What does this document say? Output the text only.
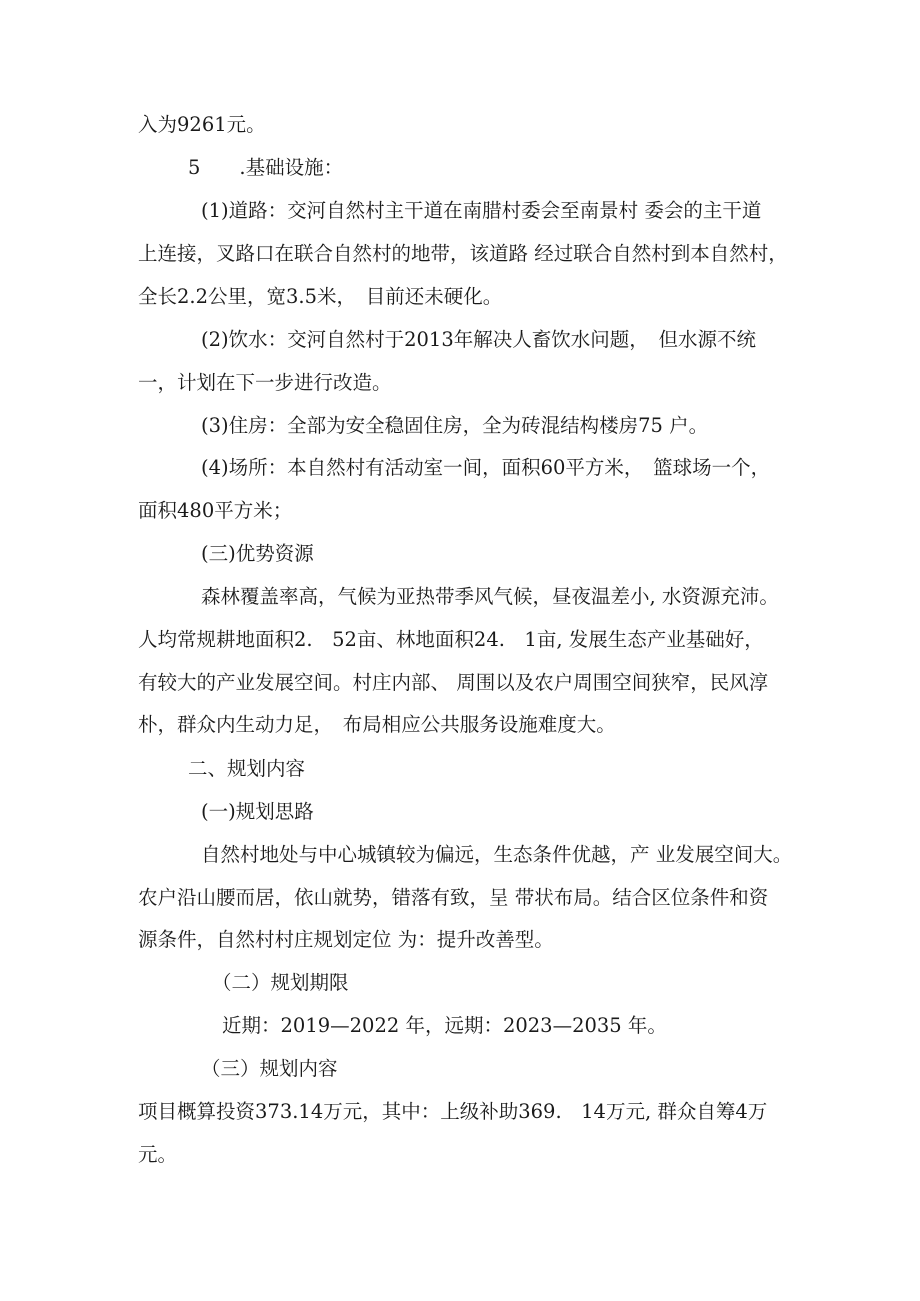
入为9261元。
5　　.基础设施：
(1)道路：交河自然村主干道在南腊村委会至南景村 委会的主干道
上连接，叉路口在联合自然村的地带，该道路 经过联合自然村到本自然村，
全长2.2公里，宽3.5米，　目前还未硬化。
(2)饮水：交河自然村于2013年解决人畜饮水问题，　但水源不统
一，计划在下一步进行改造。
(3)住房：全部为安全稳固住房，全为砖混结构楼房75 户。
(4)场所：本自然村有活动室一间，面积60平方米，　篮球场一个，
面积480平方米；
(三)优势资源
森林覆盖率高，气候为亚热带季风气候，昼夜温差小, 水资源充沛。
人均常规耕地面积2.　52亩、林地面积24.　1亩, 发展生态产业基础好，
有较大的产业发展空间。村庄内部、 周围以及农户周围空间狭窄，民风淳
朴，群众内生动力足，　布局相应公共服务设施难度大。
二、规划内容
(一)规划思路
自然村地处与中心城镇较为偏远，生态条件优越，产 业发展空间大。
农户沿山腰而居，依山就势，错落有致，呈 带状布局。结合区位条件和资
源条件，自然村村庄规划定位 为：提升改善型。
（二）规划期限
近期：2019—2022 年，远期：2023—2035 年。
（三）规划内容
项目概算投资373.14万元，其中：上级补助369.　14万元, 群众自筹4万
元。
